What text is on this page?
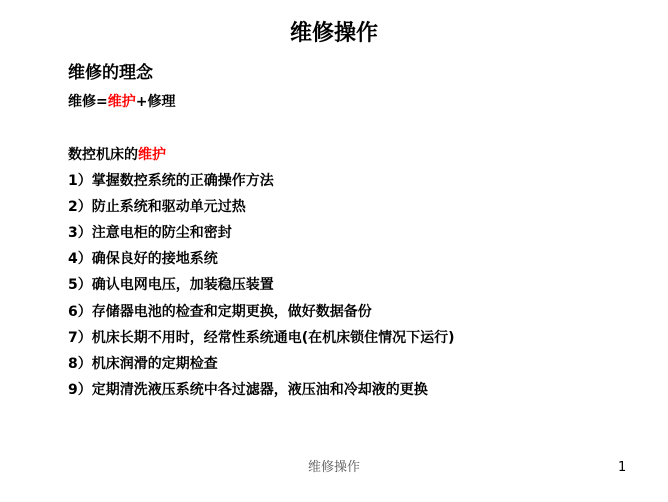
维修操作
维修的理念
维修=维护+修理
数控机床的维护
1）掌握数控系统的正确操作方法
2）防止系统和驱动单元过热
3）注意电柜的防尘和密封
4）确保良好的接地系统
5）确认电网电压，加装稳压装置
6）存储器电池的检查和定期更换，做好数据备份
7）机床长期不用时，经常性系统通电(在机床锁住情况下运行)
8）机床润滑的定期检查
9）定期清洗液压系统中各过滤器，液压油和冷却液的更换
维修操作	1
